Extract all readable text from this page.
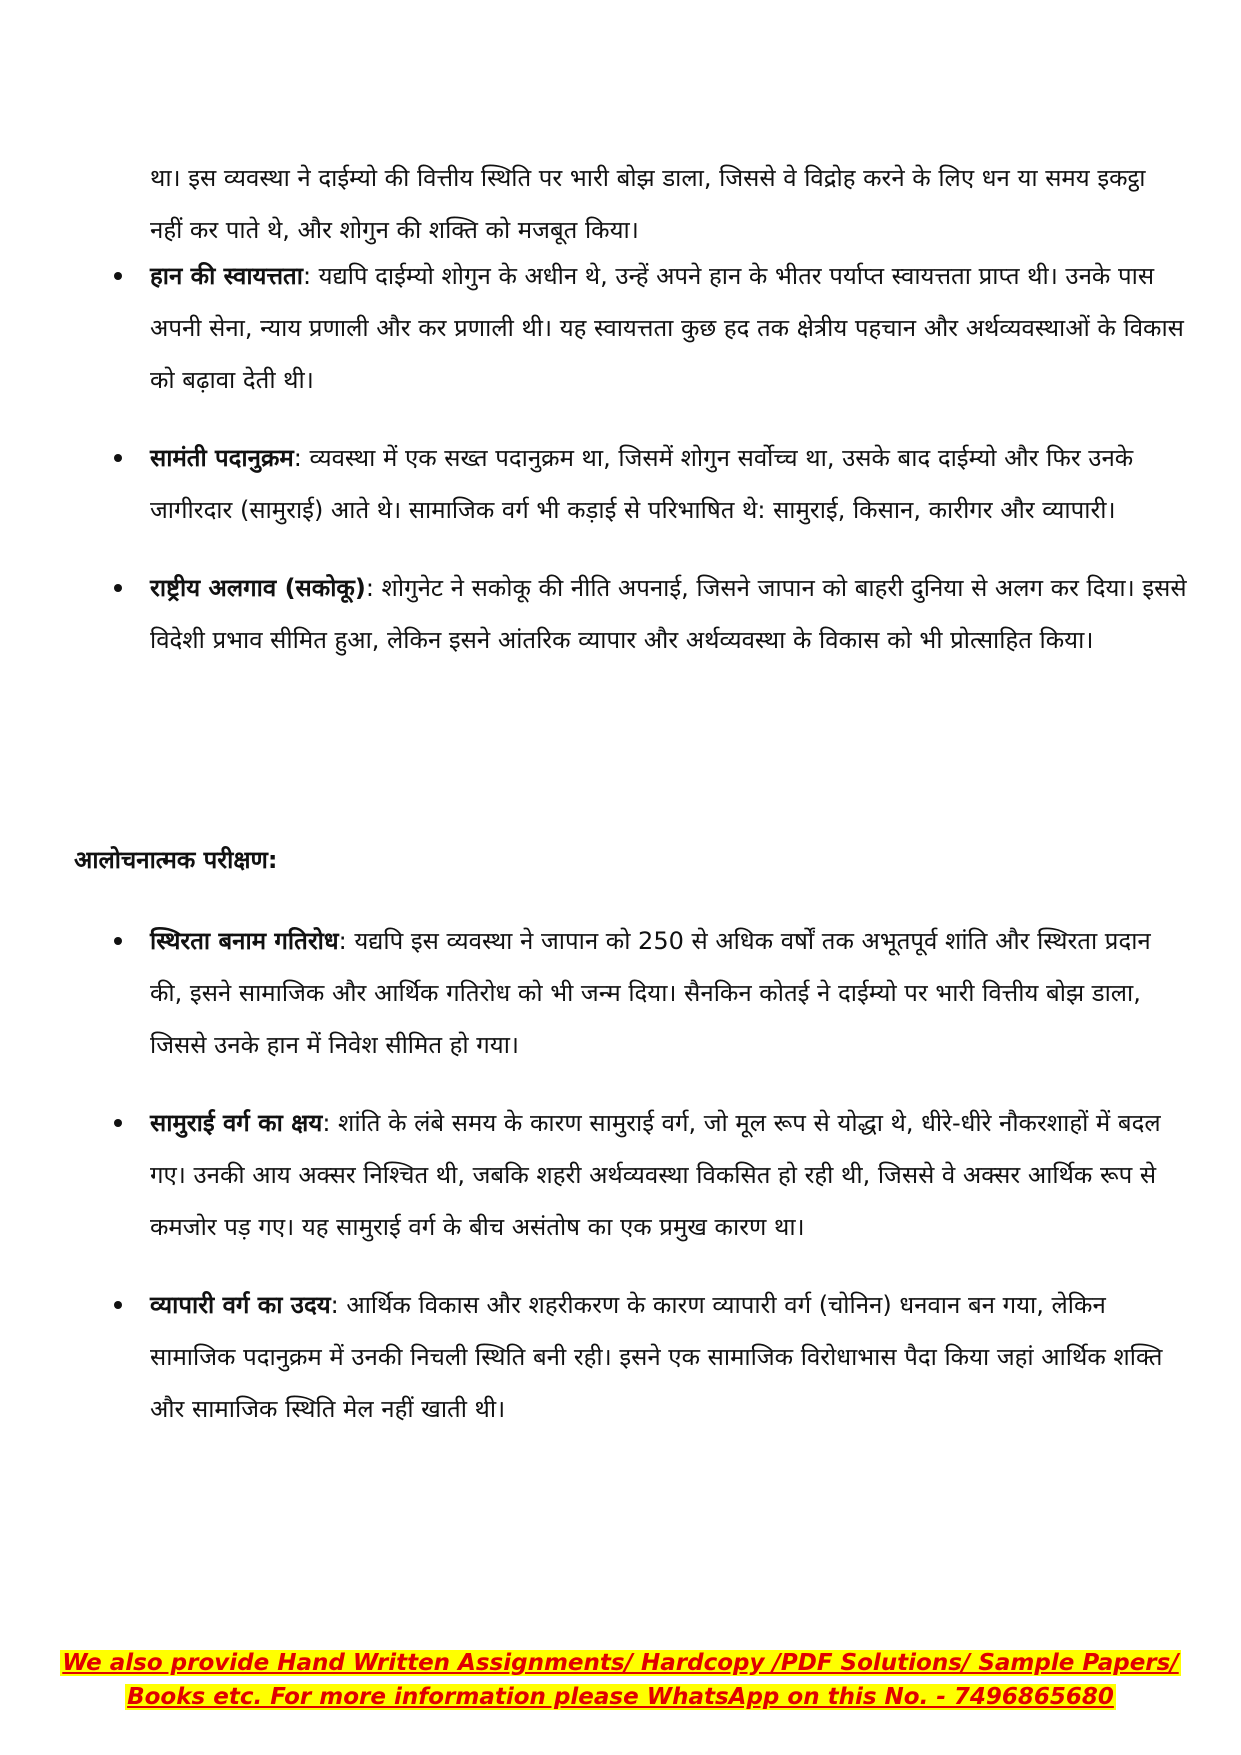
था। इस व्यवस्था ने दाईम्यो की वित्तीय स्थिति पर भारी बोझ डाला, जिससे वे विद्रोह करने के लिए धन या समय इकट्ठा नहीं कर पाते थे, और शोगुन की शक्ति को मजबूत किया।

हान की स्वायत्तता: यद्यपि दाईम्यो शोगुन के अधीन थे, उन्हें अपने हान के भीतर पर्याप्त स्वायत्तता प्राप्त थी। उनके पास अपनी सेना, न्याय प्रणाली और कर प्रणाली थी। यह स्वायत्तता कुछ हद तक क्षेत्रीय पहचान और अर्थव्यवस्थाओं के विकास को बढ़ावा देती थी।
सामंती पदानुक्रम: व्यवस्था में एक सख्त पदानुक्रम था, जिसमें शोगुन सर्वोच्च था, उसके बाद दाईम्यो और फिर उनके जागीरदार (सामुराई) आते थे। सामाजिक वर्ग भी कड़ाई से परिभाषित थे: सामुराई, किसान, कारीगर और व्यापारी।
राष्ट्रीय अलगाव (सकोकू): शोगुनेट ने सकोकू की नीति अपनाई, जिसने जापान को बाहरी दुनिया से अलग कर दिया। इससे विदेशी प्रभाव सीमित हुआ, लेकिन इसने आंतरिक व्यापार और अर्थव्यवस्था के विकास को भी प्रोत्साहित किया।

आलोचनात्मक परीक्षण:

स्थिरता बनाम गतिरोध: यद्यपि इस व्यवस्था ने जापान को 250 से अधिक वर्षों तक अभूतपूर्व शांति और स्थिरता प्रदान की, इसने सामाजिक और आर्थिक गतिरोध को भी जन्म दिया। सैनकिन कोतई ने दाईम्यो पर भारी वित्तीय बोझ डाला, जिससे उनके हान में निवेश सीमित हो गया।
सामुराई वर्ग का क्षय: शांति के लंबे समय के कारण सामुराई वर्ग, जो मूल रूप से योद्धा थे, धीरे-धीरे नौकरशाहों में बदल गए। उनकी आय अक्सर निश्चित थी, जबकि शहरी अर्थव्यवस्था विकसित हो रही थी, जिससे वे अक्सर आर्थिक रूप से कमजोर पड़ गए। यह सामुराई वर्ग के बीच असंतोष का एक प्रमुख कारण था।
व्यापारी वर्ग का उदय: आर्थिक विकास और शहरीकरण के कारण व्यापारी वर्ग (चोनिन) धनवान बन गया, लेकिन सामाजिक पदानुक्रम में उनकी निचली स्थिति बनी रही। इसने एक सामाजिक विरोधाभास पैदा किया जहां आर्थिक शक्ति और सामाजिक स्थिति मेल नहीं खाती थी।
We also provide Hand Written Assignments/ Hardcopy /PDF Solutions/ Sample Papers/
Books etc. For more information please WhatsApp on this No. - 7496865680
